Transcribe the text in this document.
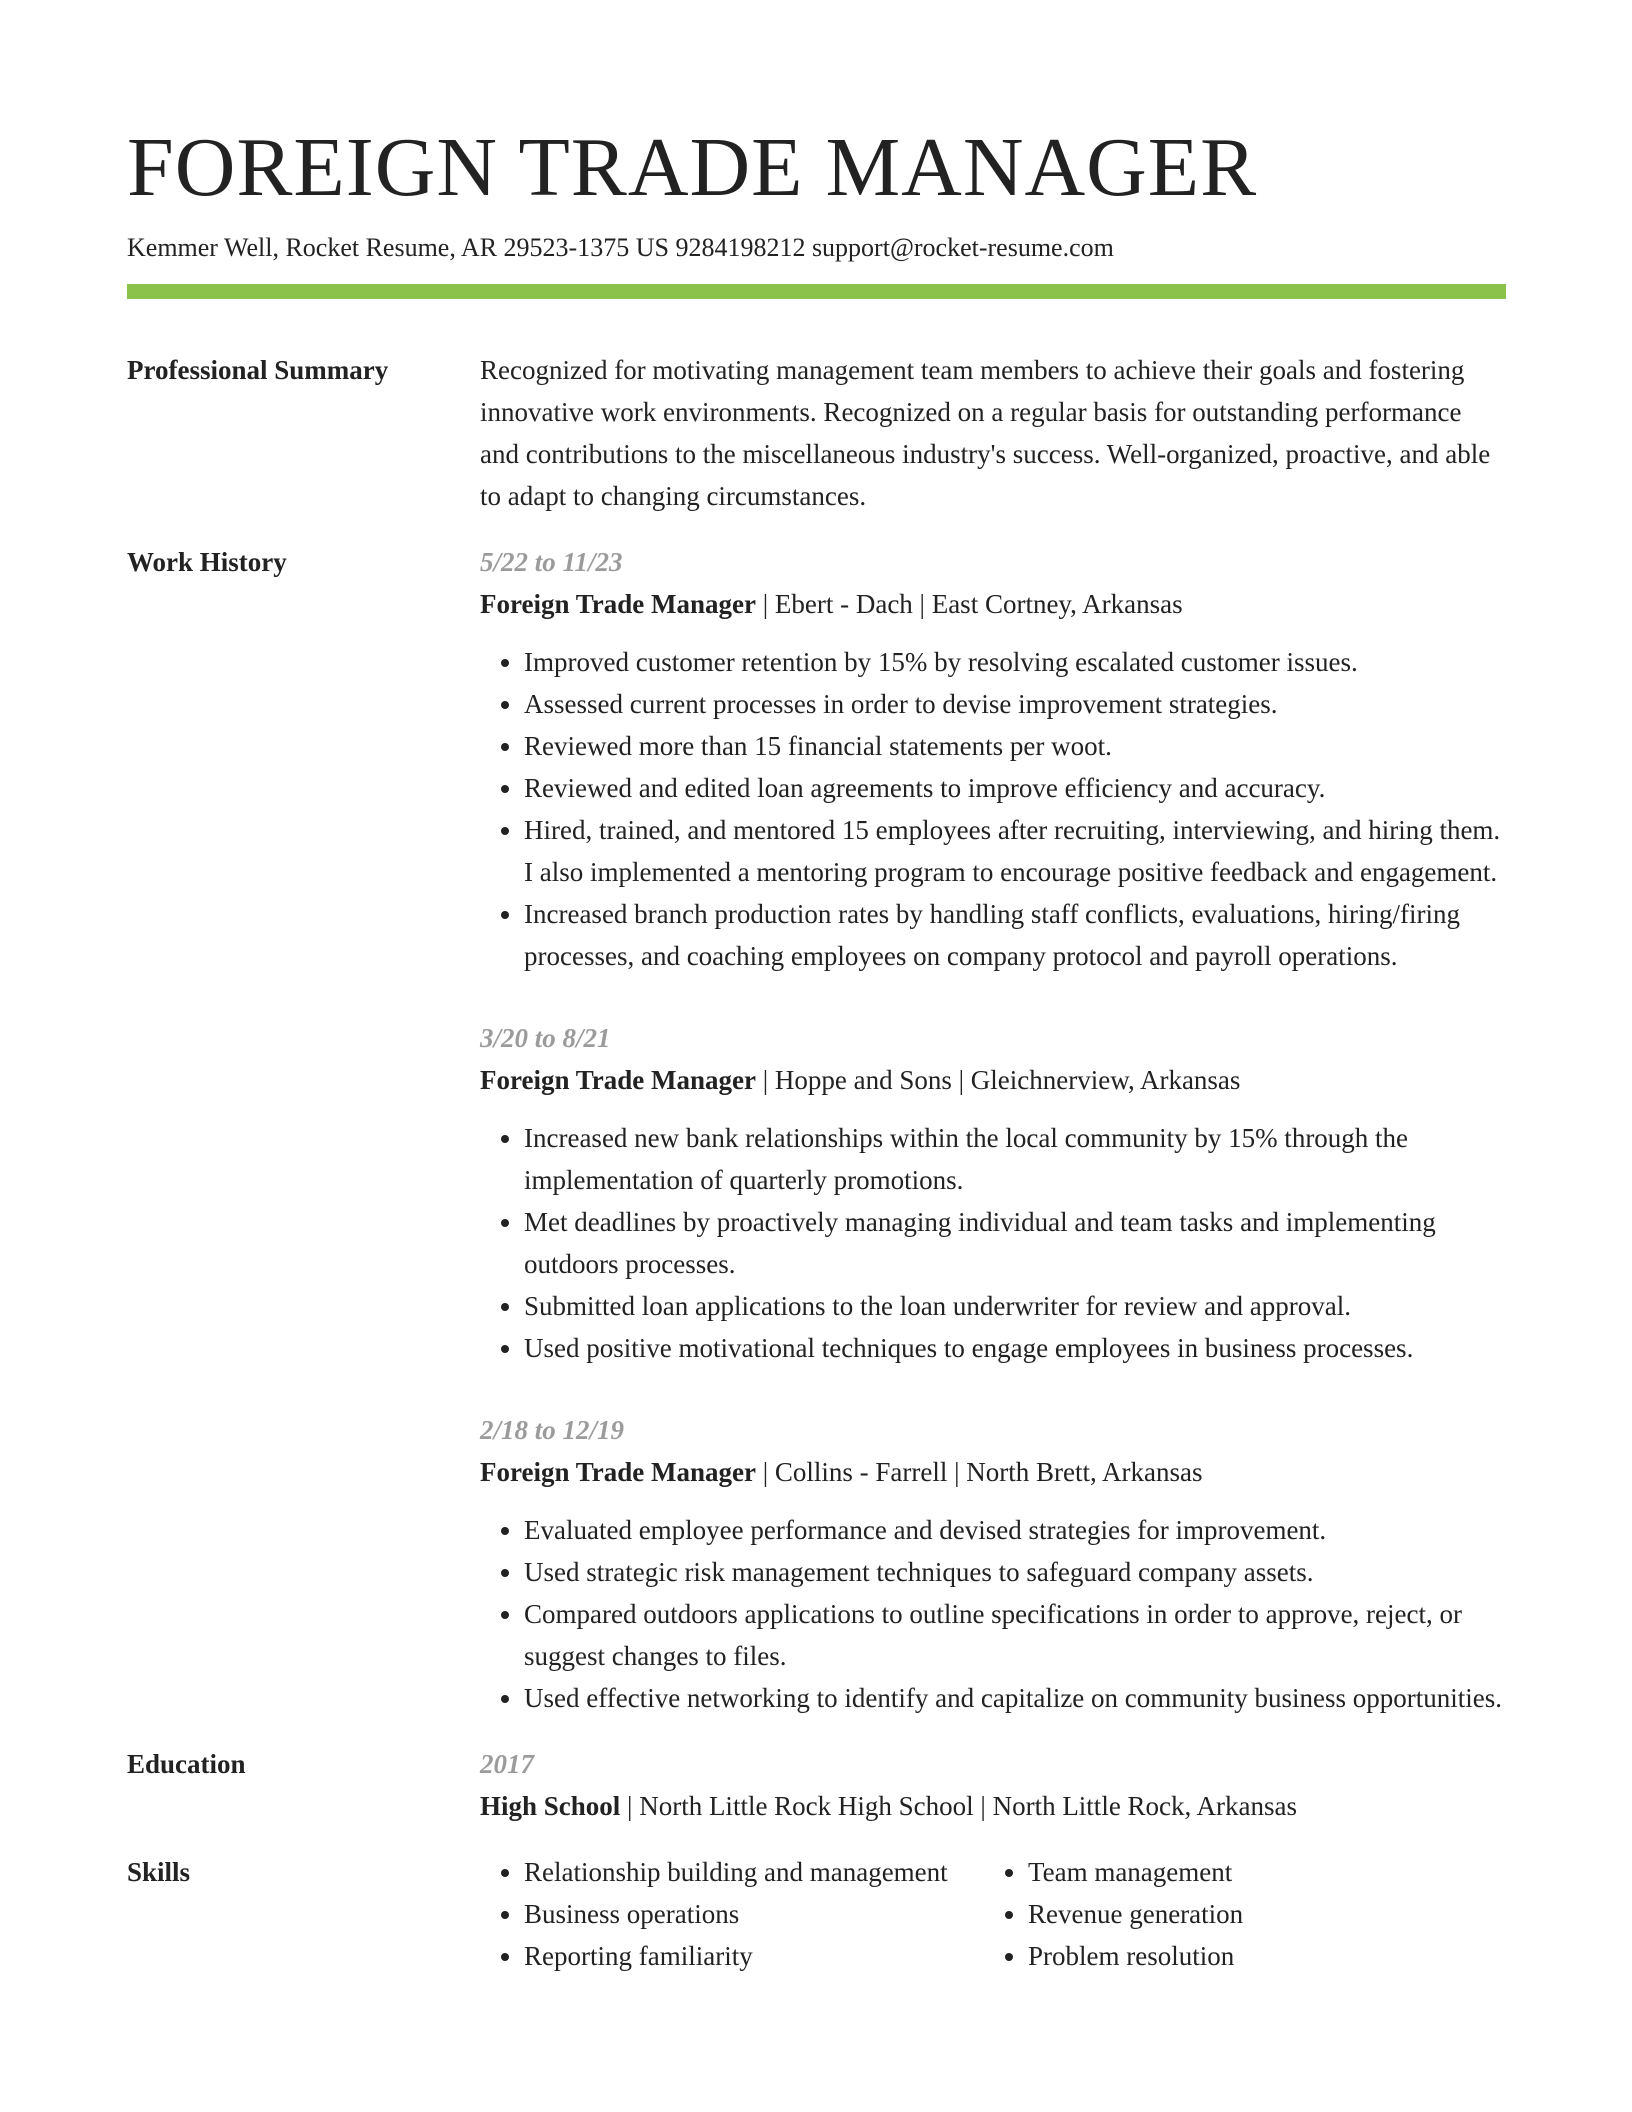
FOREIGN TRADE MANAGER
Kemmer Well, Rocket Resume, AR 29523-1375 US 9284198212 support@rocket-resume.com
Professional Summary	Recognized for motivating management team members to achieve their goals and fostering innovative work environments. Recognized on a regular basis for outstanding performance and contributions to the miscellaneous industry's success. Well-organized, proactive, and able to adapt to changing circumstances.

Work History	5/22 to 11/23
Foreign Trade Manager | Ebert - Dach | East Cortney, Arkansas
• Improved customer retention by 15% by resolving escalated customer issues.
• Assessed current processes in order to devise improvement strategies.
• Reviewed more than 15 financial statements per woot.
• Reviewed and edited loan agreements to improve efficiency and accuracy.
• Hired, trained, and mentored 15 employees after recruiting, interviewing, and hiring them. I also implemented a mentoring program to encourage positive feedback and engagement.
• Increased branch production rates by handling staff conflicts, evaluations, hiring/firing processes, and coaching employees on company protocol and payroll operations.
3/20 to 8/21
Foreign Trade Manager | Hoppe and Sons | Gleichnerview, Arkansas
• Increased new bank relationships within the local community by 15% through the implementation of quarterly promotions.
• Met deadlines by proactively managing individual and team tasks and implementing outdoors processes.
• Submitted loan applications to the loan underwriter for review and approval.
• Used positive motivational techniques to engage employees in business processes.
2/18 to 12/19
Foreign Trade Manager | Collins - Farrell | North Brett, Arkansas
• Evaluated employee performance and devised strategies for improvement.
• Used strategic risk management techniques to safeguard company assets.
• Compared outdoors applications to outline specifications in order to approve, reject, or suggest changes to files.
• Used effective networking to identify and capitalize on community business opportunities.
Education	2017
High School | North Little Rock High School | North Little Rock, Arkansas
Skills
•	Relationship building and management
• Business operations
• Reporting familiarity
• Team management
• Revenue generation
• Problem resolution
